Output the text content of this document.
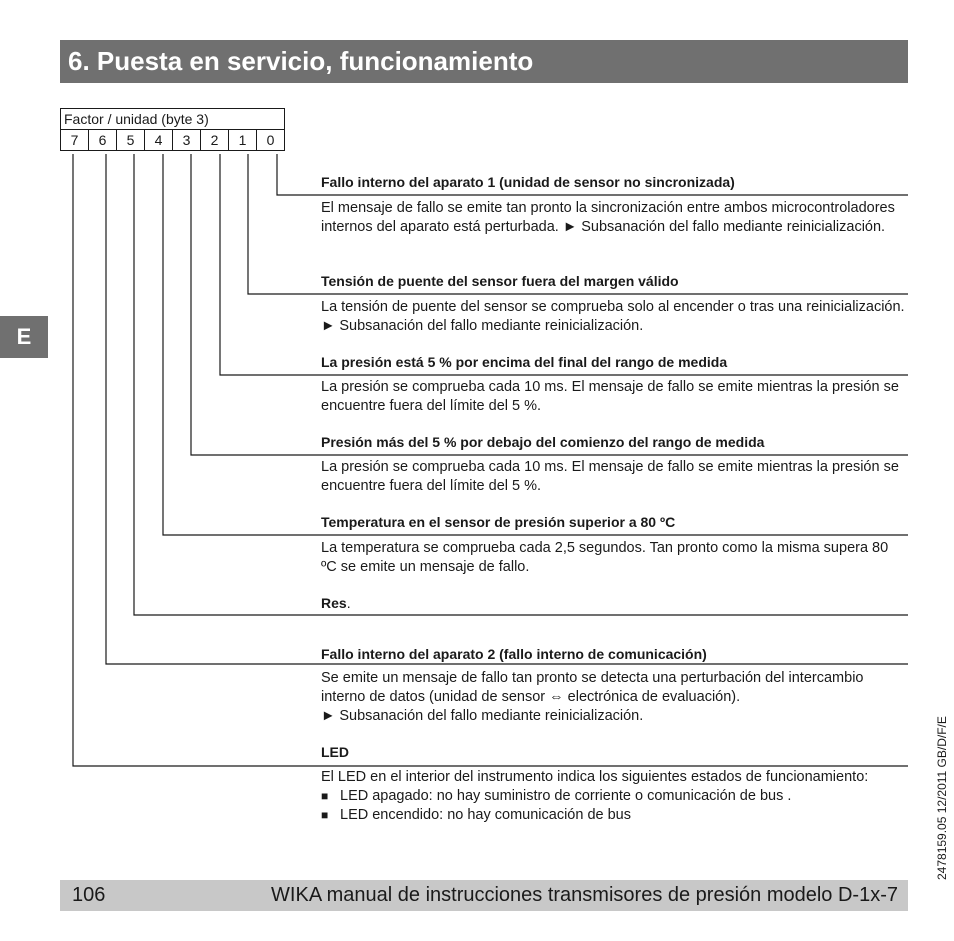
6. Puesta en servicio, funcionamiento
E
Factor / unidad (byte 3)
7	6	5	4	3	2	1	0
Fallo interno del aparato 1 (unidad de sensor no sincronizada)

El mensaje de fallo se emite tan pronto la sincronización entre ambos microcontroladores internos del aparato está perturbada. ► Subsanación del fallo mediante reinicialización.

Tensión de puente del sensor fuera del margen válido

La tensión de puente del sensor se comprueba solo al encender o tras una reinicialización. ► Subsanación del fallo mediante reinicialización.

La presión está 5 % por encima del final del rango de medida

La presión se comprueba cada 10 ms. El mensaje de fallo se emite mientras la presión se encuentre fuera del límite del 5 %.

Presión más del 5 % por debajo del comienzo del rango de medida

La presión se comprueba cada 10 ms. El mensaje de fallo se emite mientras la presión se encuentre fuera del límite del 5 %.

Temperatura en el sensor de presión superior a 80 ºC

La temperatura se comprueba cada 2,5 segundos. Tan pronto como la misma supera 80 ºC se emite un mensaje de fallo.

Res.
Fallo interno del aparato 2 (fallo interno de comunicación)

Se emite un mensaje de fallo tan pronto se detecta una perturbación del intercambio interno de datos (unidad de sensor ⇔ electrónica de evaluación).

► Subsanación del fallo mediante reinicialización.

LED

El LED en el interior del instrumento indica los siguientes estados de funcionamiento:

■ LED apagado: no hay suministro de corriente o comunicación de bus .
■ LED encendido: no hay comunicación de bus
106	WIKA manual de instrucciones transmisores de presión modelo D-1x-7
2478159.05 12/2011 GB/D/F/E
